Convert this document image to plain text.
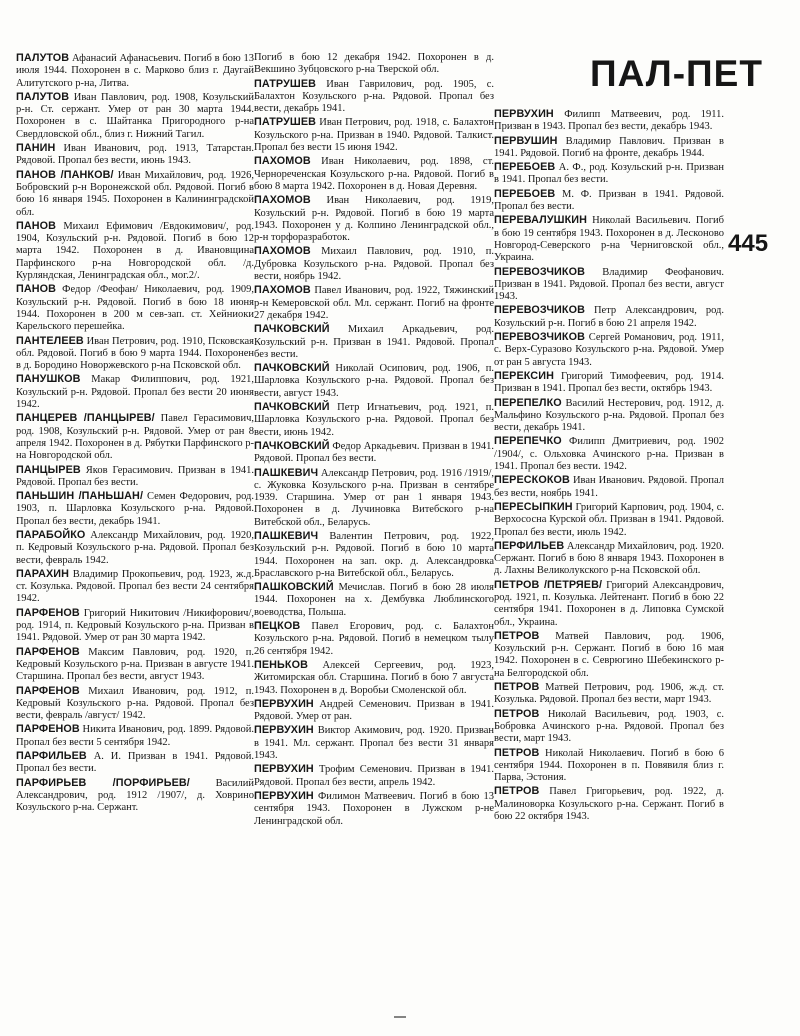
ПАЛ-ПЕТ
445

ПАЛУТОВ Афанасий Афанасьевич. Погиб в бою 13 июля 1944. Похоронен в с. Марково близ г. Даугай Алитутского р-на, Литва.

ПАЛУТОВ Иван Павлович, род. 1908, Козульский р-н. Ст. сержант. Умер от ран 30 марта 1944. Похоронен в с. Шайтанка Пригородного р-на Свердловской обл., близ г. Нижний Тагил.

ПАНИН Иван Иванович, род. 1913, Татарстан. Рядовой. Пропал без вести, июнь 1943.

ПАНОВ /ПАНКОВ/ Иван Михайлович, род. 1926, Бобровский р-н Воронежской обл. Рядовой. Погиб в бою 16 января 1945. Похоронен в Калининградской обл.

ПАНОВ Михаил Ефимович /Евдокимович/, род. 1904, Козульский р-н. Рядовой. Погиб в бою 12 марта 1942. Похоронен в д. Ивановщина Парфинского р-на Новгородской обл. /д. Курляндская, Ленинградская обл., мог.2/.

ПАНОВ Федор /Феофан/ Николаевич, род. 1909, Козульский р-н. Рядовой. Погиб в бою 18 июня 1944. Похоронен в 200 м сев-зап. ст. Хейниоки Карельского перешейка.

ПАНТЕЛЕЕВ Иван Петрович, род. 1910, Псковская обл. Рядовой. Погиб в бою 9 марта 1944. Похоронен в д. Бородино Новоржевского р-на Псковской обл.

ПАНУШКОВ Макар Филиппович, род. 1921, Козульский р-н. Рядовой. Пропал без вести 20 июня 1942.

ПАНЦЕРЕВ /ПАНЦЫРЕВ/ Павел Герасимович, род. 1908, Козульский р-н. Рядовой. Умер от ран 8 апреля 1942. Похоронен в д. Рябутки Парфинского р-на Новгородской обл.

ПАНЦЫРЕВ Яков Герасимович. Призван в 1941. Рядовой. Пропал без вести.

ПАНЬШИН /ПАНЬШАН/ Семен Федорович, род. 1903, п. Шарловка Козульского р-на. Рядовой. Пропал без вести, декабрь 1941.

ПАРАБОЙКО Александр Михайлович, род. 1920, п. Кедровый Козульского р-на. Рядовой. Пропал без вести, февраль 1942.

ПАРАХИН Владимир Прокопьевич, род. 1923, ж.д. ст. Козулька. Рядовой. Пропал без вести 24 сентября 1942.

ПАРФЕНОВ Григорий Никитович /Никифорович/, род. 1914, п. Кедровый Козульского р-на. Призван в 1941. Рядовой. Умер от ран 30 марта 1942.

ПАРФЕНОВ Максим Павлович, род. 1920, п. Кедровый Козульского р-на. Призван в августе 1941. Старшина. Пропал без вести, август 1943.

ПАРФЕНОВ Михаил Иванович, род. 1912, п. Кедровый Козульского р-на. Рядовой. Пропал без вести, февраль /август/ 1942.

ПАРФЕНОВ Никита Иванович, род. 1899. Рядовой. Пропал без вести 5 сентября 1942.

ПАРФИЛЬЕВ А. И. Призван в 1941. Рядовой. Пропал без вести.

ПАРФИРЬЕВ /ПОРФИРЬЕВ/ Василий Александрович, род. 1912 /1907/, д. Ховрино Козульского р-на. Сержант.

Погиб в бою 12 декабря 1942. Похоронен в д. Векшино Зубцовского р-на Тверской обл.

ПАТРУШЕВ Иван Гаврилович, род. 1905, с. Балахтон Козульского р-на. Рядовой. Пропал без вести, декабрь 1941.

ПАТРУШЕВ Иван Петрович, род. 1918, с. Балахтон Козульского р-на. Призван в 1940. Рядовой. Талкист. Пропал без вести 15 июня 1942.

ПАХОМОВ Иван Николаевич, род. 1898, ст. Чернореченская Козульского р-на. Рядовой. Погиб в бою 8 марта 1942. Похоронен в д. Новая Деревня.

ПАХОМОВ Иван Николаевич, род. 1919, Козульский р-н. Рядовой. Погиб в бою 19 марта 1943. Похоронен у д. Колпино Ленинградской обл., р-н торфоразработок.

ПАХОМОВ Михаил Павлович, род. 1910, п. Дубровка Козульского р-на. Рядовой. Пропал без вести, ноябрь 1942.

ПАХОМОВ Павел Иванович, род. 1922, Тяжинский р-н Кемеровской обл. Мл. сержант. Погиб на фронте 27 декабря 1942.

ПАЧКОВСКИЙ Михаил Аркадьевич, род. Козульский р-н. Призван в 1941. Рядовой. Пропал без вести.

ПАЧКОВСКИЙ Николай Осипович, род. 1906, п. Шарловка Козульского р-на. Рядовой. Пропал без вести, август 1943.

ПАЧКОВСКИЙ Петр Игнатьевич, род. 1921, п. Шарловка Козульского р-на. Рядовой. Пропал без вести, июнь 1942.

ПАЧКОВСКИЙ Федор Аркадьевич. Призван в 1941. Рядовой. Пропал без вести.

ПАШКЕВИЧ Александр Петрович, род. 1916 /1919/, с. Жуковка Козульского р-на. Призван в сентябре 1939. Старшина. Умер от ран 1 января 1943. Похоронен в д. Лучиновка Витебского р-на Витебской обл., Беларусь.

ПАШКЕВИЧ Валентин Петрович, род. 1922, Козульский р-н. Рядовой. Погиб в бою 10 марта 1944. Похоронен на зап. окр. д. Александровка Браславского р-на Витебской обл., Беларусь.

ПАШКОВСКИЙ Мечислав. Погиб в бою 28 июля 1944. Похоронен на х. Дембувка Люблинского воеводства, Польша.

ПЕЦКОВ Павел Егорович, род. с. Балахтон Козульского р-на. Рядовой. Погиб в немецком тылу 26 сентября 1942.

ПЕНЬКОВ Алексей Сергеевич, род. 1923, Житомирская обл. Старшина. Погиб в бою 7 августа 1943. Похоронен в д. Воробьи Смоленской обл.

ПЕРВУХИН Андрей Семенович. Призван в 1941. Рядовой. Умер от ран.

ПЕРВУХИН Виктор Акимович, род. 1920. Призван в 1941. Мл. сержант. Пропал без вести 31 января 1943.

ПЕРВУХИН Трофим Семенович. Призван в 1941. Рядовой. Пропал без вести, апрель 1942.

ПЕРВУХИН Филимон Матвеевич. Погиб в бою 13 сентября 1943. Похоронен в Лужском р-не Ленинградской обл.

ПЕРВУХИН Филипп Матвеевич, род. 1911. Призван в 1943. Пропал без вести, декабрь 1943.

ПЕРВУШИН Владимир Павлович. Призван в 1941. Рядовой. Погиб на фронте, декабрь 1944.

ПЕРЕБОЕВ А. Ф., род. Козульский р-н. Призван в 1941. Пропал без вести.

ПЕРЕБОЕВ М. Ф. Призван в 1941. Рядовой. Пропал без вести.

ПЕРЕВАЛУШКИН Николай Васильевич. Погиб в бою 19 сентября 1943. Похоронен в д. Лесконово Новгород-Северского р-на Черниговской обл., Украина.

ПЕРЕВОЗЧИКОВ Владимир Феофанович. Призван в 1941. Рядовой. Пропал без вести, август 1943.

ПЕРЕВОЗЧИКОВ Петр Александрович, род. Козульский р-н. Погиб в бою 21 апреля 1942.

ПЕРЕВОЗЧИКОВ Сергей Романович, род. 1911, с. Верх-Суразово Козульского р-на. Рядовой. Умер от ран 5 августа 1943.

ПЕРЕКСИН Григорий Тимофеевич, род. 1914. Призван в 1941. Пропал без вести, октябрь 1943.

ПЕРЕПЕЛКО Василий Нестерович, род. 1912, д. Мальфино Козульского р-на. Рядовой. Пропал без вести, декабрь 1941.

ПЕРЕПЕЧКО Филипп Дмитриевич, род. 1902 /1904/, с. Ольховка Ачинского р-на. Призван в 1941. Пропал без вести. 1942.

ПЕРЕСКОКОВ Иван Иванович. Рядовой. Пропал без вести, ноябрь 1941.

ПЕРЕСЫПКИН Григорий Карпович, род. 1904, с. Верхососна Курской обл. Призван в 1941. Рядовой. Пропал без вести, июль 1942.

ПЕРФИЛЬЕВ Александр Михайлович, род. 1920. Сержант. Погиб в бою 8 января 1943. Похоронен в д. Лахны Великолукского р-на Псковской обл.

ПЕТРОВ /ПЕТРЯЕВ/ Григорий Александрович, род. 1921, п. Козулька. Лейтенант. Погиб в бою 22 сентября 1941. Похоронен в д. Липовка Сумской обл., Украина.

ПЕТРОВ Матвей Павлович, род. 1906, Козульский р-н. Сержант. Погиб в бою 16 мая 1942. Похоронен в с. Севрюгино Шебекинского р-на Белгородской обл.

ПЕТРОВ Матвей Петрович, род. 1906, ж.д. ст. Козулька. Рядовой. Пропал без вести, март 1943.

ПЕТРОВ Николай Васильевич, род. 1903, с. Бобровка Ачинского р-на. Рядовой. Пропал без вести, март 1943.

ПЕТРОВ Николай Николаевич. Погиб в бою 6 сентября 1944. Похоронен в п. Повявиля близ г. Парва, Эстония.

ПЕТРОВ Павел Григорьевич, род. 1922, д. Малиноворка Козульского р-на. Сержант. Погиб в бою 22 октября 1943.
